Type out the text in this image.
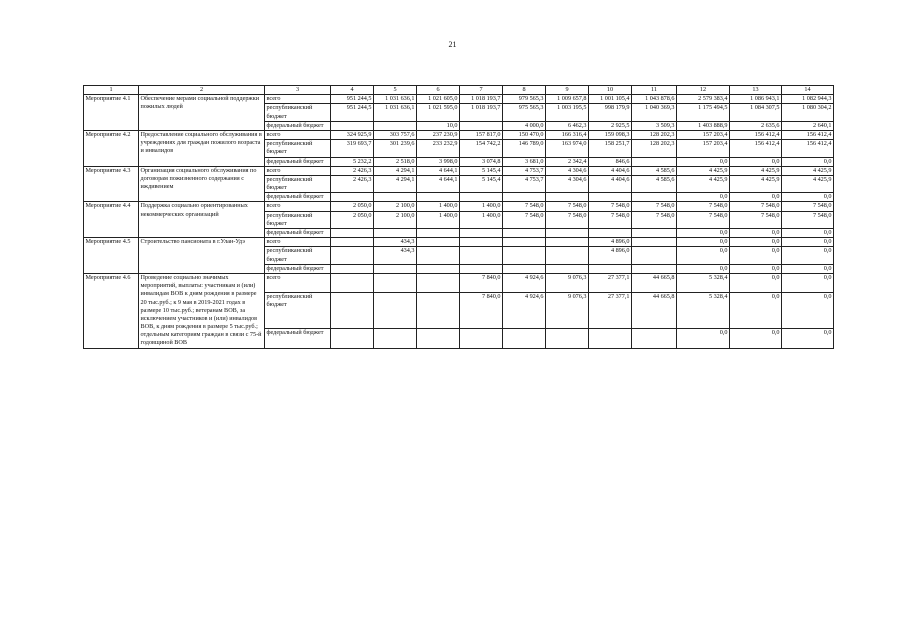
21
1	2	3	4	5	6	7	8	9	10	11	12	13	14
Мероприятие 4.1	Обеспечение мерами социальной поддержки пожилых людей	всего	951 244,5	1 031 636,1	1 021 605,0	1 018 193,7	979 565,3	1 009 657,8	1 001 105,4	1 043 878,6	2 579 383,4	1 086 943,1	1 082 944,3
		республиканский бюджет	951 244,5	1 031 636,1	1 021 595,0	1 018 193,7	975 565,3	1 003 195,5	998 179,9	1 040 369,3	1 175 494,5	1 084 307,5	1 080 304,2
		федеральный бюджет			10,0		4 000,0	6 462,3	2 925,5	3 509,3	1 403 888,9	2 635,6	2 640,1
Мероприятие 4.2	Предоставление социального обслуживания в учреждениях для граждан пожилого возраста и инвалидов	всего	324 925,9	303 757,6	237 230,9	157 817,0	150 470,0	166 316,4	159 098,3	128 202,3	157 203,4	156 412,4	156 412,4
		республиканский бюджет	319 693,7	301 239,6	233 232,9	154 742,2	146 789,0	163 974,0	158 251,7	128 202,3	157 203,4	156 412,4	156 412,4
		федеральный бюджет	5 232,2	2 518,0	3 998,0	3 074,8	3 681,0	2 342,4	846,6		0,0	0,0	0,0
Мероприятие 4.3	Организация социального обслуживания по договорам пожизненного содержания с иждивением	всего	2 426,3	4 294,1	4 644,1	5 145,4	4 753,7	4 304,6	4 404,6	4 585,6	4 425,9	4 425,9	4 425,9
		республиканский бюджет	2 426,3	4 294,1	4 644,1	5 145,4	4 753,7	4 304,6	4 404,6	4 585,6	4 425,9	4 425,9	4 425,9
		федеральный бюджет									0,0	0,0	0,0
Мероприятие 4.4	Поддержка социально ориентированных некоммерческих организаций	всего	2 050,0	2 100,0	1 400,0	1 400,0	7 548,0	7 548,0	7 548,0	7 548,0	7 548,0	7 548,0	7 548,0
		республиканский бюджет	2 050,0	2 100,0	1 400,0	1 400,0	7 548,0	7 548,0	7 548,0	7 548,0	7 548,0	7 548,0	7 548,0
		федеральный бюджет									0,0	0,0	0,0
Мероприятие 4.5	Строительство пансионата в г.Улан-Удэ	всего		434,3					4 896,0		0,0	0,0	0,0
		республиканский бюджет		434,3					4 896,0		0,0	0,0	0,0
		федеральный бюджет									0,0	0,0	0,0
Мероприятие 4.6	Проведение социально значимых мероприятий, выплаты: участникам и (или) инвалидам ВОВ к дням рождения в размере 20 тыс.руб.; к 9 мая в 2019-2021 годах в размере 10 тыс.руб.; ветеранам ВОВ, за исключением участников и (или) инвалидов ВОВ, к дням рождения в размере 5 тыс.руб.; отдельным категориям граждан в связи с 75-й годовщиной ВОВ	всего				7 840,0	4 924,6	9 076,3	27 377,1	44 665,8	5 328,4	0,0	0,0
		республиканский бюджет				7 840,0	4 924,6	9 076,3	27 377,1	44 665,8	5 328,4	0,0	0,0
		федеральный бюджет									0,0	0,0	0,0
